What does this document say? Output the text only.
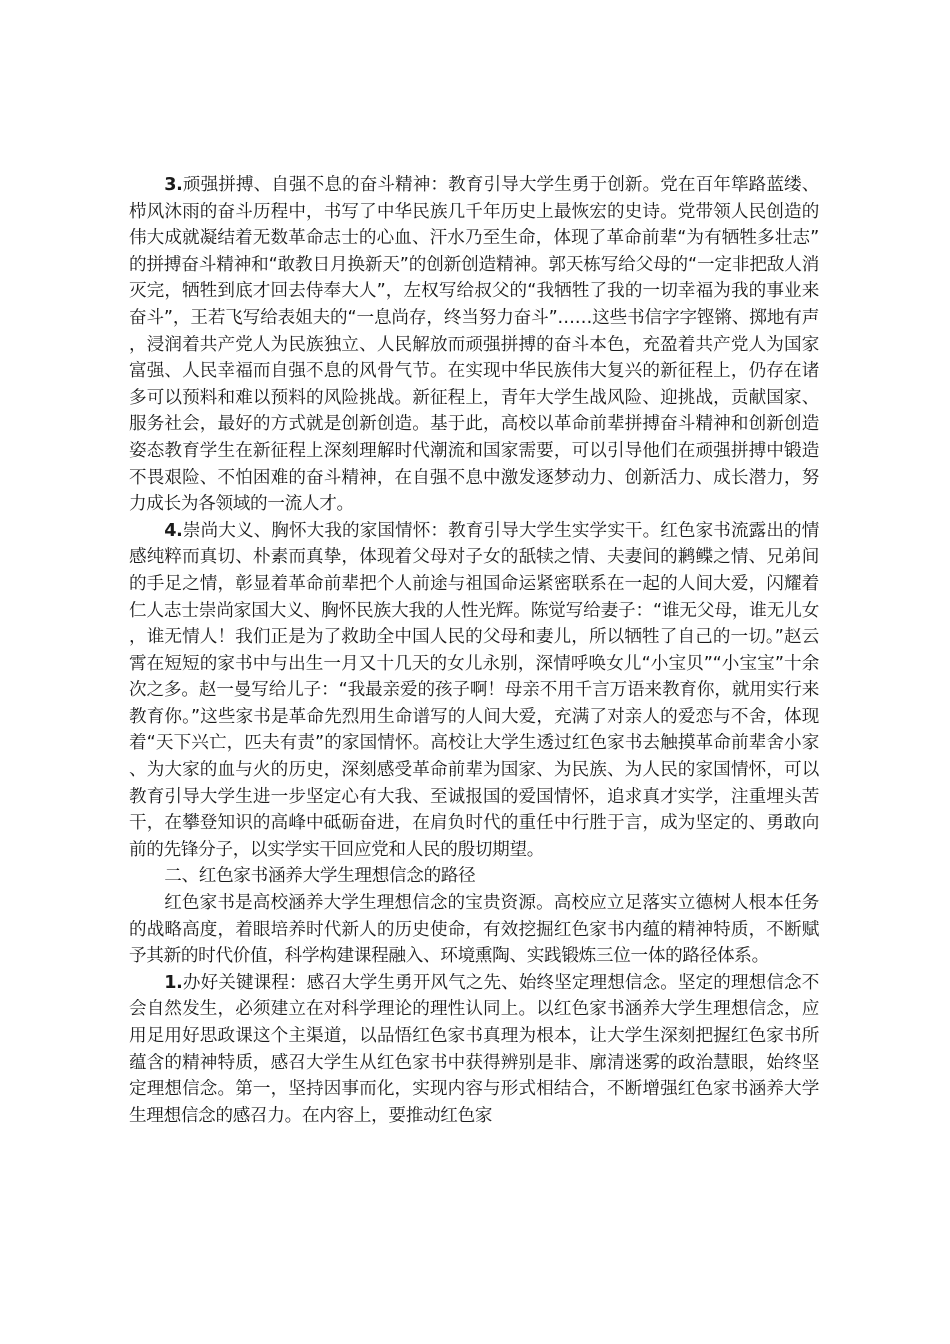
3.顽强拼搏、自强不息的奋斗精神：教育引导大学生勇于创新。党在百年筚路蓝缕、栉风沐雨的奋斗历程中，书写了中华民族几千年历史上最恢宏的史诗。党带领人民创造的伟大成就凝结着无数革命志士的心血、汗水乃至生命，体现了革命前辈“为有牺牲多壮志”的拼搏奋斗精神和“敢教日月换新天”的创新创造精神。郭天栋写给父母的“一定非把敌人消灭完，牺牲到底才回去侍奉大人”，左权写给叔父的“我牺牲了我的一切幸福为我的事业来奋斗”，王若飞写给表姐夫的“一息尚存，终当努力奋斗”……这些书信字字铿锵、掷地有声，浸润着共产党人为民族独立、人民解放而顽强拼搏的奋斗本色，充盈着共产党人为国家富强、人民幸福而自强不息的风骨气节。在实现中华民族伟大复兴的新征程上，仍存在诸多可以预料和难以预料的风险挑战。新征程上，青年大学生战风险、迎挑战，贡献国家、服务社会，最好的方式就是创新创造。基于此，高校以革命前辈拼搏奋斗精神和创新创造姿态教育学生在新征程上深刻理解时代潮流和国家需要，可以引导他们在顽强拼搏中锻造不畏艰险、不怕困难的奋斗精神，在自强不息中激发逐梦动力、创新活力、成长潜力，努力成长为各领域的一流人才。

4.崇尚大义、胸怀大我的家国情怀：教育引导大学生实学实干。红色家书流露出的情感纯粹而真切、朴素而真挚，体现着父母对子女的舐犊之情、夫妻间的鹣鲽之情、兄弟间的手足之情，彰显着革命前辈把个人前途与祖国命运紧密联系在一起的人间大爱，闪耀着仁人志士崇尚家国大义、胸怀民族大我的人性光辉。陈觉写给妻子：“谁无父母，谁无儿女，谁无情人！我们正是为了救助全中国人民的父母和妻儿，所以牺牲了自己的一切。”赵云霄在短短的家书中与出生一月又十几天的女儿永别，深情呼唤女儿“小宝贝”“小宝宝”十余次之多。赵一曼写给儿子：“我最亲爱的孩子啊！母亲不用千言万语来教育你，就用实行来教育你。”这些家书是革命先烈用生命谱写的人间大爱，充满了对亲人的爱恋与不舍，体现着“天下兴亡，匹夫有责”的家国情怀。高校让大学生透过红色家书去触摸革命前辈舍小家、为大家的血与火的历史，深刻感受革命前辈为国家、为民族、为人民的家国情怀，可以教育引导大学生进一步坚定心有大我、至诚报国的爱国情怀，追求真才实学，注重埋头苦干，在攀登知识的高峰中砥砺奋进，在肩负时代的重任中行胜于言，成为坚定的、勇敢向前的先锋分子，以实学实干回应党和人民的殷切期望。

二、红色家书涵养大学生理想信念的路径

红色家书是高校涵养大学生理想信念的宝贵资源。高校应立足落实立德树人根本任务的战略高度，着眼培养时代新人的历史使命，有效挖掘红色家书内蕴的精神特质，不断赋予其新的时代价值，科学构建课程融入、环境熏陶、实践锻炼三位一体的路径体系。

1.办好关键课程：感召大学生勇开风气之先、始终坚定理想信念。坚定的理想信念不会自然发生，必须建立在对科学理论的理性认同上。以红色家书涵养大学生理想信念，应用足用好思政课这个主渠道，以品悟红色家书真理为根本，让大学生深刻把握红色家书所蕴含的精神特质，感召大学生从红色家书中获得辨别是非、廓清迷雾的政治慧眼，始终坚定理想信念。第一，坚持因事而化，实现内容与形式相结合，不断增强红色家书涵养大学生理想信念的感召力。在内容上，要推动红色家
